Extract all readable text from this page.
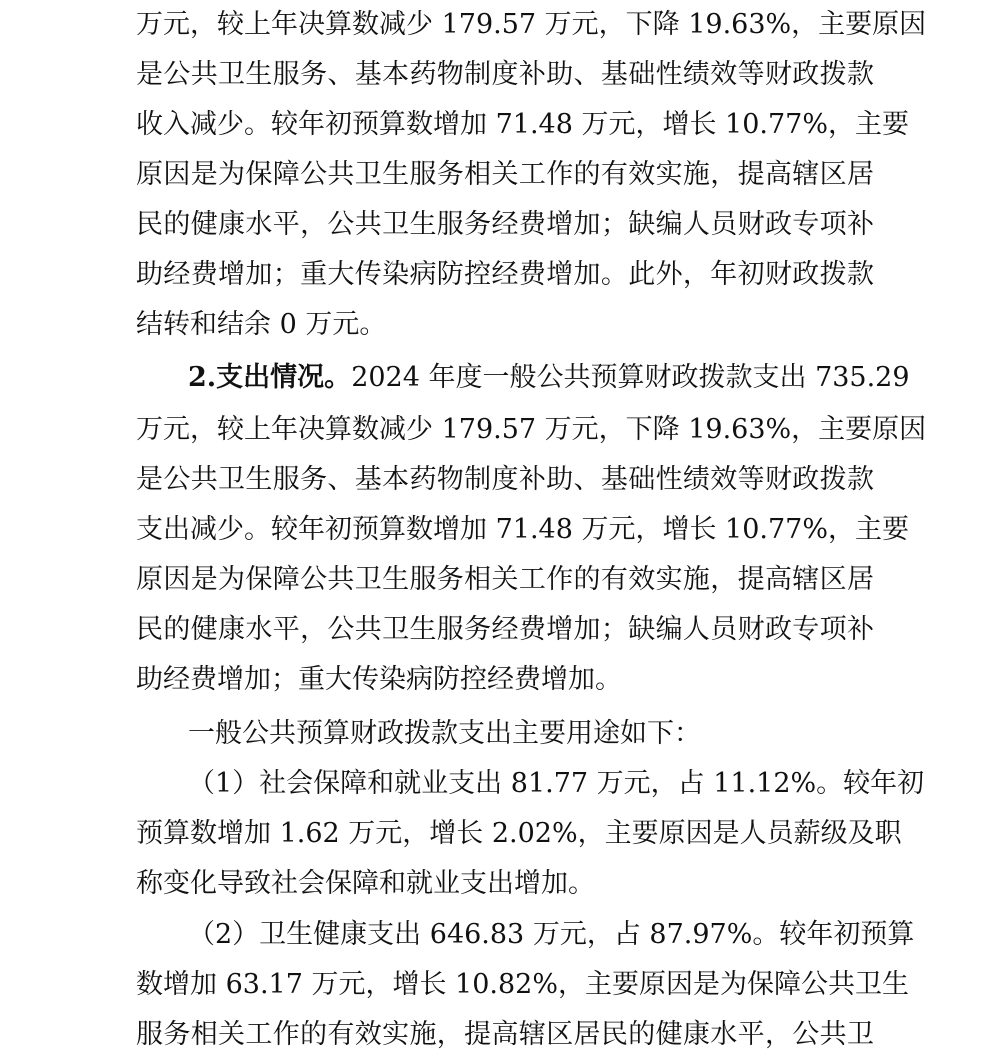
万元，较上年决算数减少 179.57 万元，下降 19.63%，主要原因
是公共卫生服务、基本药物制度补助、基础性绩效等财政拨款
收入减少。较年初预算数增加 71.48 万元，增长 10.77%，主要
原因是为保障公共卫生服务相关工作的有效实施，提高辖区居
民的健康水平，公共卫生服务经费增加；缺编人员财政专项补
助经费增加；重大传染病防控经费增加。此外，年初财政拨款
结转和结余 0 万元。
2.支出情况。 2024 年度一般公共预算财政拨款支出 735.29
万元，较上年决算数减少 179.57 万元，下降 19.63%，主要原因
是公共卫生服务、基本药物制度补助、基础性绩效等财政拨款
支出减少。较年初预算数增加 71.48 万元，增长 10.77%，主要
原因是为保障公共卫生服务相关工作的有效实施，提高辖区居
民的健康水平，公共卫生服务经费增加；缺编人员财政专项补
助经费增加；重大传染病防控经费增加。
一般公共预算财政拨款支出主要用途如下：
（1）社会保障和就业支出 81.77 万元，占 11.12%。较年初
预算数增加 1.62 万元，增长 2.02%，主要原因是人员薪级及职
称变化导致社会保障和就业支出增加。
（2）卫生健康支出 646.83 万元，占 87.97%。较年初预算
数增加 63.17 万元，增长 10.82%，主要原因是为保障公共卫生
服务相关工作的有效实施，提高辖区居民的健康水平，公共卫
